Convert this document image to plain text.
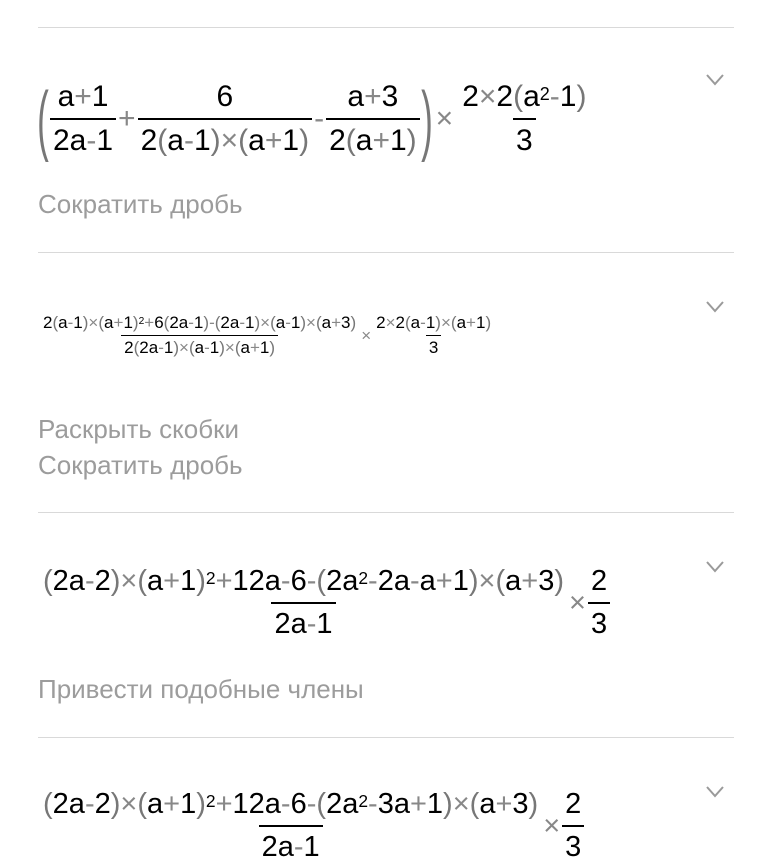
( $\frac{a+1}{2a-1} + \frac{6}{2(a-1)\times(a+1)} - \frac{a+3}{2(a+1)}$ ) × $\frac{2\times 2(a^2-1)}{3}$
Сократить дробь
$\frac{2(a-1)\times(a+1)^2+6(2a-1)-(2a-1)\times(a-1)\times(a+3)}{2(2a-1)\times(a-1)\times(a+1)} \times \frac{2\times 2(a-1)\times(a+1)}{3}$
Раскрыть скобки
Сократить дробь
$\frac{(2a-2)\times(a+1)^2+12a-6-(2a^2-2a-a+1)\times(a+3)}{2a-1} \times \frac{2}{3}$
Привести подобные члены
$\frac{(2a-2)\times(a+1)^2+12a-6-(2a^2-3a+1)\times(a+3)}{2a-1} \times \frac{2}{3}$
